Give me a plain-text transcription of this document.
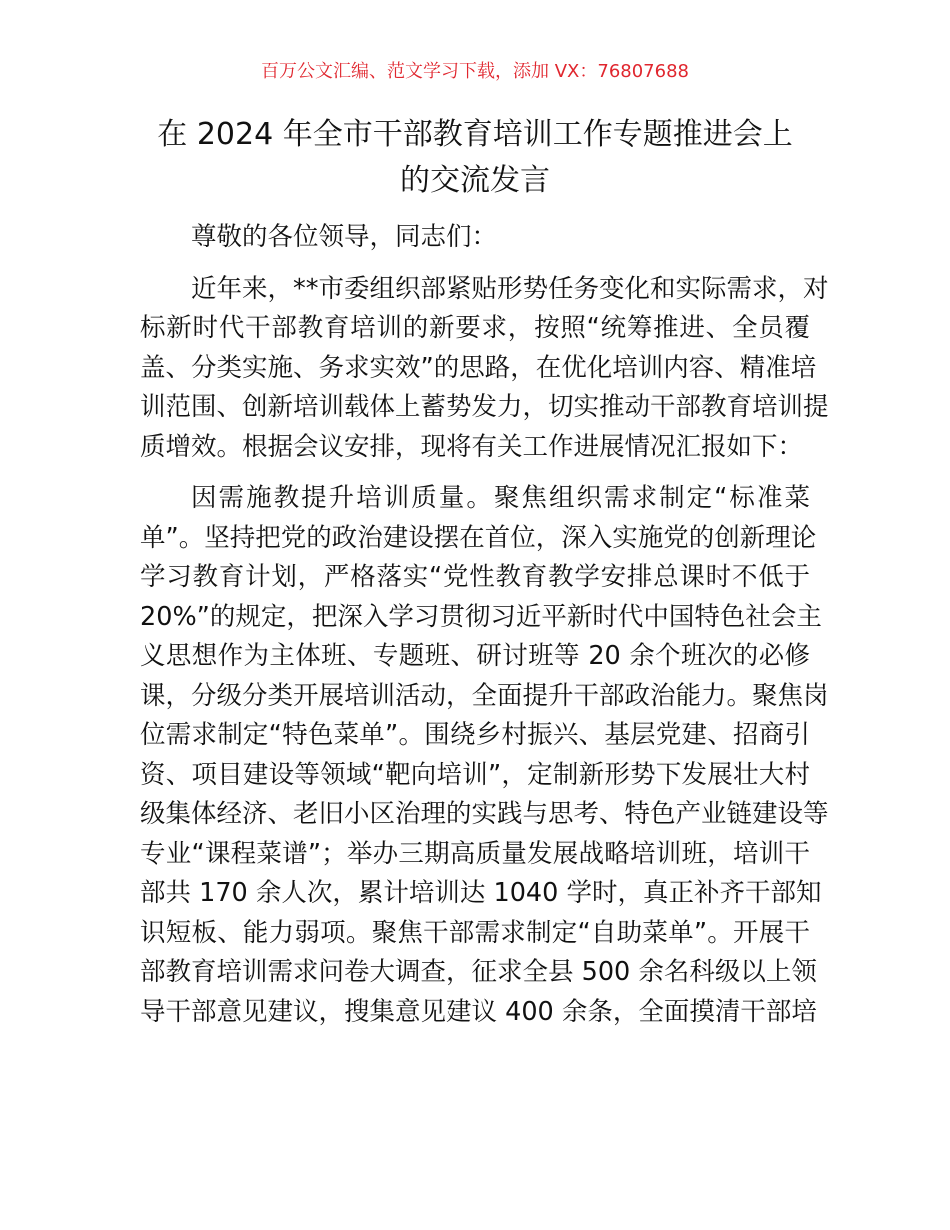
百万公文汇编、范文学习下载，添加 VX：76807688
在 2024 年全市干部教育培训工作专题推进会上
的交流发言
尊敬的各位领导，同志们：
近年来，**市委组织部紧贴形势任务变化和实际需求，对
标新时代干部教育培训的新要求，按照“统筹推进、全员覆
盖、分类实施、务求实效”的思路，在优化培训内容、精准培
训范围、创新培训载体上蓄势发力，切实推动干部教育培训提
质增效。根据会议安排，现将有关工作进展情况汇报如下：
因需施教提升培训质量。聚焦组织需求制定“标准菜
单”。坚持把党的政治建设摆在首位，深入实施党的创新理论
学习教育计划，严格落实“党性教育教学安排总课时不低于
20%”的规定，把深入学习贯彻习近平新时代中国特色社会主
义思想作为主体班、专题班、研讨班等 20 余个班次的必修
课，分级分类开展培训活动，全面提升干部政治能力。聚焦岗
位需求制定“特色菜单”。围绕乡村振兴、基层党建、招商引
资、项目建设等领域“靶向培训”，定制新形势下发展壮大村
级集体经济、老旧小区治理的实践与思考、特色产业链建设等
专业“课程菜谱”；举办三期高质量发展战略培训班，培训干
部共 170 余人次，累计培训达 1040 学时，真正补齐干部知
识短板、能力弱项。聚焦干部需求制定“自助菜单”。开展干
部教育培训需求问卷大调查，征求全县 500 余名科级以上领
导干部意见建议，搜集意见建议 400 余条，全面摸清干部培
